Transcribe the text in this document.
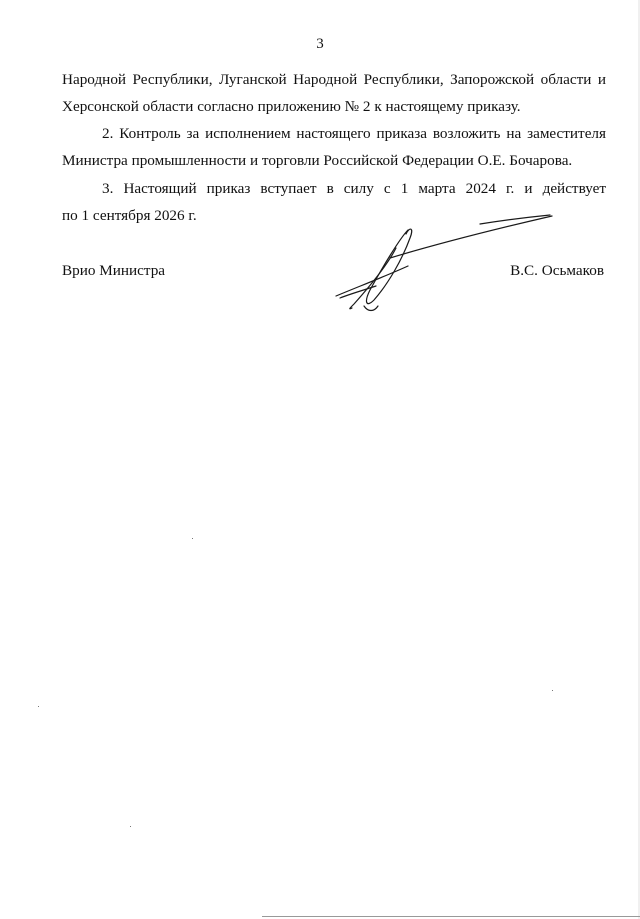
3
Народной Республики, Луганской Народной Республики, Запорожской области и
Херсонской области согласно приложению № 2 к настоящему приказу.
2. Контроль за исполнением настоящего приказа возложить на заместителя
Министра промышленности и торговли Российской Федерации О.Е. Бочарова.
3. Настоящий приказ вступает в силу с 1 марта 2024 г. и действует
по 1 сентября 2026 г.
Врио Министра	В.С. Осьмаков
